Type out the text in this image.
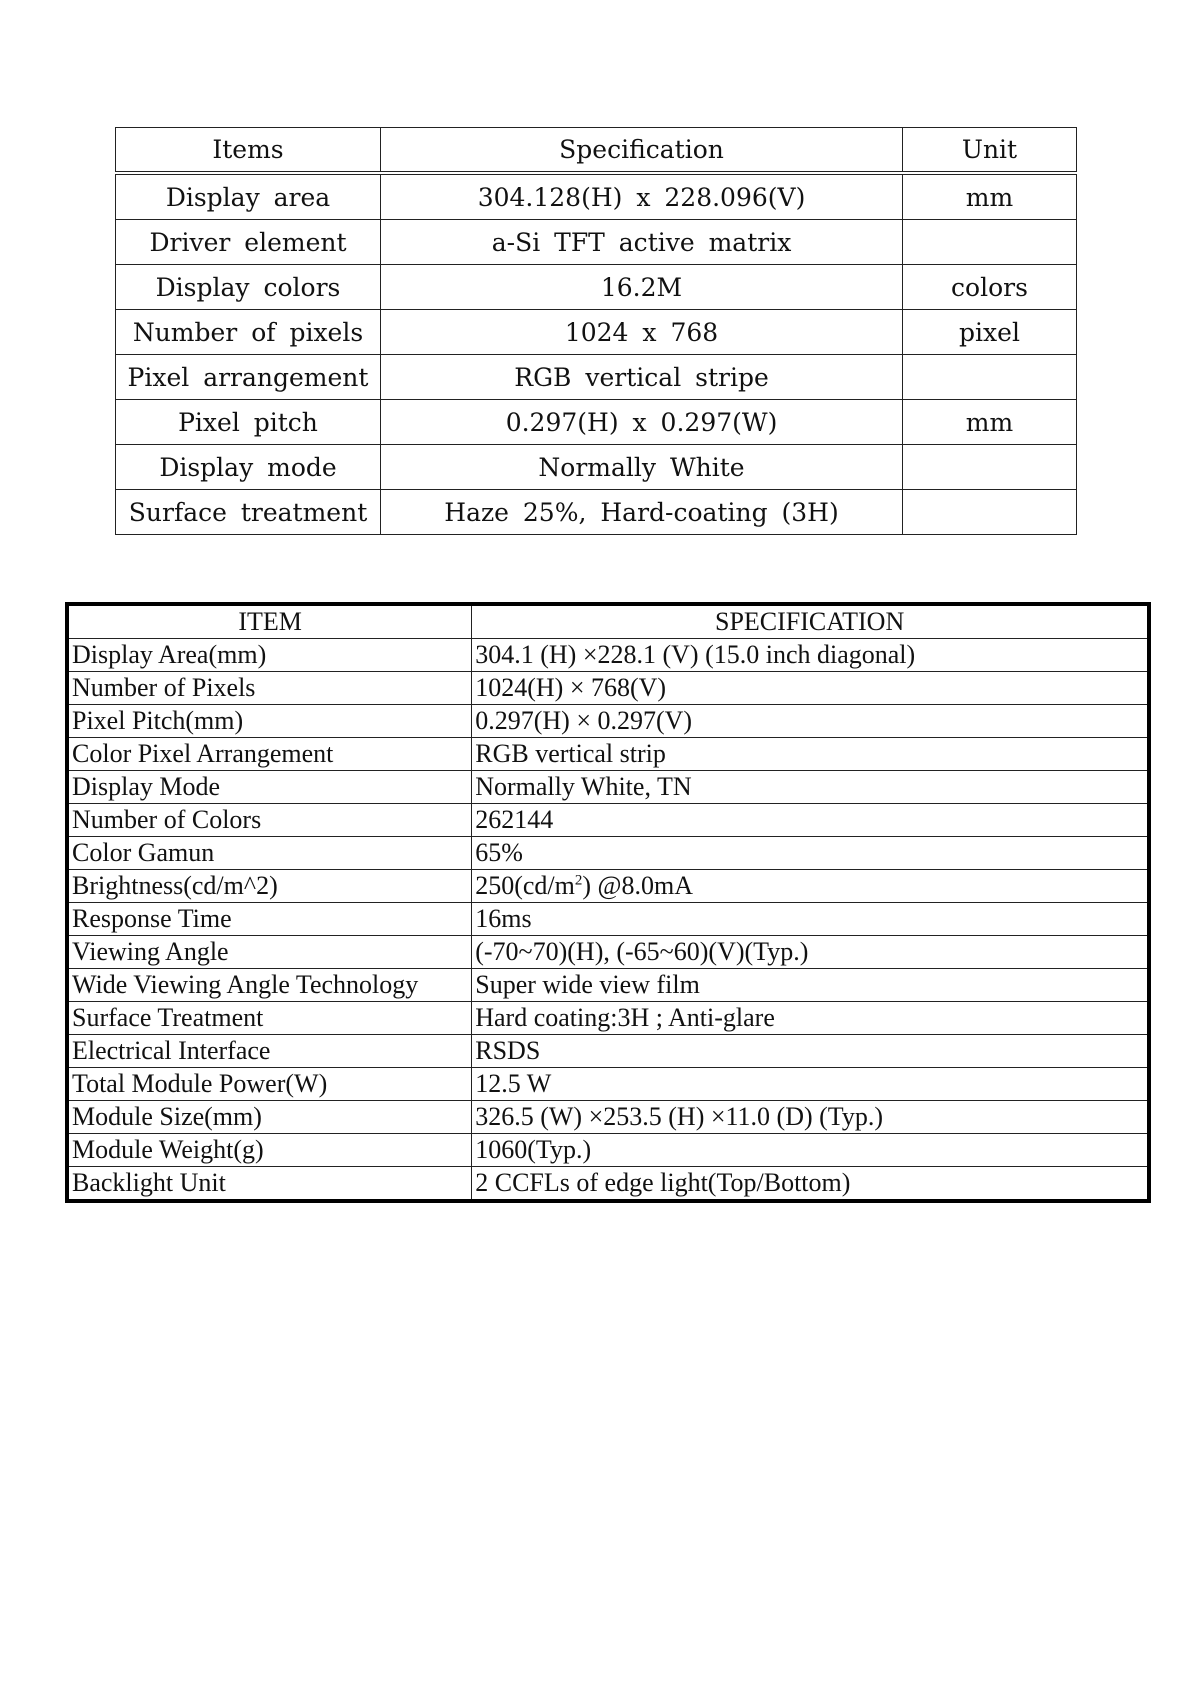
Items	Specification	Unit
Display area	304.128(H) x 228.096(V)	mm
Driver element	a-Si TFT active matrix	
Display colors	16.2M	colors
Number of pixels	1024 x 768	pixel
Pixel arrangement	RGB vertical stripe	
Pixel pitch	0.297(H) x 0.297(W)	mm
Display mode	Normally White	
Surface treatment	Haze 25%, Hard-coating (3H)	
ITEM	SPECIFICATION
Display Area(mm)	304.1 (H) ×228.1 (V) (15.0 inch diagonal)
Number of Pixels	1024(H) × 768(V)
Pixel Pitch(mm)	0.297(H) × 0.297(V)
Color Pixel Arrangement	RGB vertical strip
Display Mode	Normally White, TN
Number of Colors	262144
Color Gamun	65%
Brightness(cd/m^2)	$250(cd/m^2)$ @8.0mA
Response Time	16ms
Viewing Angle	(-70~70)(H), (-65~60)(V)(Typ.)
Wide Viewing Angle Technology	Super wide view film
Surface Treatment	Hard coating:3H ; Anti-glare
Electrical Interface	RSDS
Total Module Power(W)	12.5 W
Module Size(mm)	326.5 (W) ×253.5 (H) ×11.0 (D) (Typ.)
Module Weight(g)	1060(Typ.)
Backlight Unit	2 CCFLs of edge light(Top/Bottom)
